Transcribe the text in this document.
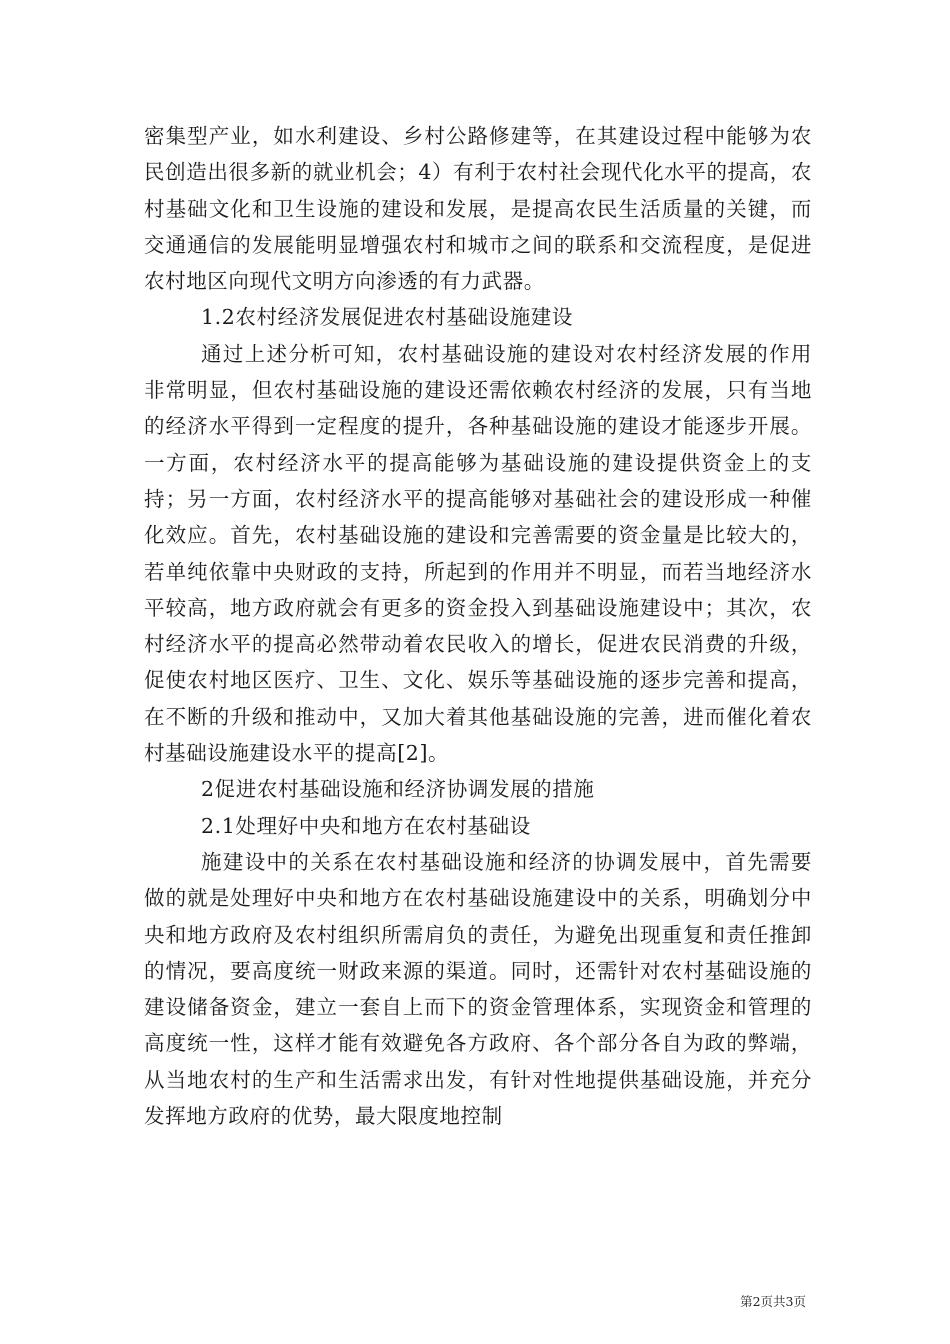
密集型产业，如水利建设、乡村公路修建等，在其建设过程中能够为农民创造出很多新的就业机会；4）有利于农村社会现代化水平的提高，农村基础文化和卫生设施的建设和发展，是提高农民生活质量的关键，而交通通信的发展能明显增强农村和城市之间的联系和交流程度，是促进农村地区向现代文明方向渗透的有力武器。

1.2农村经济发展促进农村基础设施建设

通过上述分析可知，农村基础设施的建设对农村经济发展的作用非常明显，但农村基础设施的建设还需依赖农村经济的发展，只有当地的经济水平得到一定程度的提升，各种基础设施的建设才能逐步开展。一方面，农村经济水平的提高能够为基础设施的建设提供资金上的支持；另一方面，农村经济水平的提高能够对基础社会的建设形成一种催化效应。首先，农村基础设施的建设和完善需要的资金量是比较大的，若单纯依靠中央财政的支持，所起到的作用并不明显，而若当地经济水平较高，地方政府就会有更多的资金投入到基础设施建设中；其次，农村经济水平的提高必然带动着农民收入的增长，促进农民消费的升级，促使农村地区医疗、卫生、文化、娱乐等基础设施的逐步完善和提高，在不断的升级和推动中，又加大着其他基础设施的完善，进而催化着农村基础设施建设水平的提高[2]。

2促进农村基础设施和经济协调发展的措施

2.1处理好中央和地方在农村基础设

施建设中的关系在农村基础设施和经济的协调发展中，首先需要做的就是处理好中央和地方在农村基础设施建设中的关系，明确划分中央和地方政府及农村组织所需肩负的责任，为避免出现重复和责任推卸的情况，要高度统一财政来源的渠道。同时，还需针对农村基础设施的建设储备资金，建立一套自上而下的资金管理体系，实现资金和管理的高度统一性，这样才能有效避免各方政府、各个部分各自为政的弊端，从当地农村的生产和生活需求出发，有针对性地提供基础设施，并充分发挥地方政府的优势，最大限度地控制

第2页共3页
